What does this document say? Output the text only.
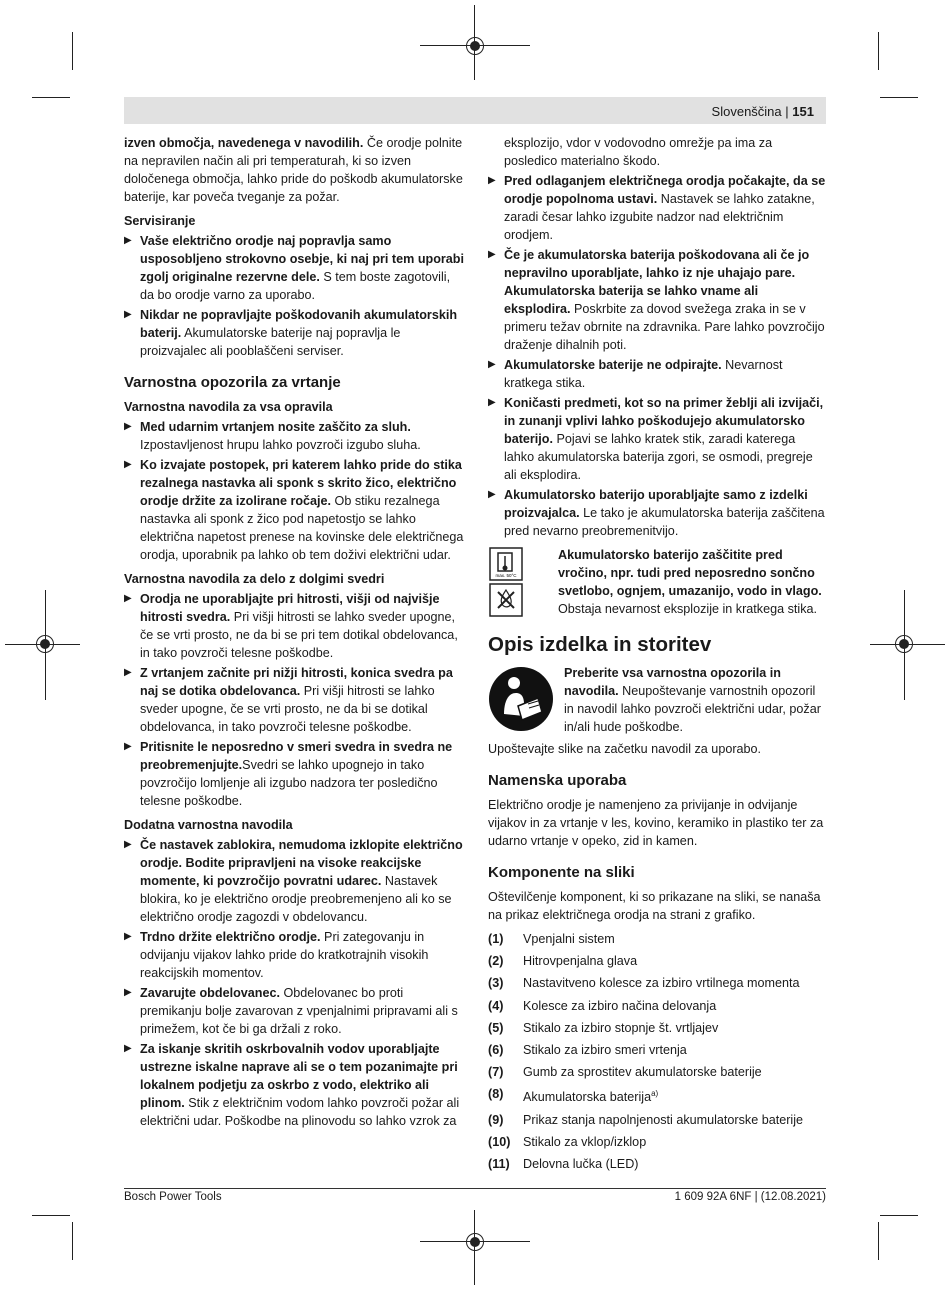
Slovenščina | 151

izven območja, navedenega v navodilih. Če orodje polnite na nepravilen način ali pri temperaturah, ki so izven določenega območja, lahko pride do poškodb akumulatorske baterije, kar poveča tveganje za požar.

Servisiranje
▶ Vaše električno orodje naj popravlja samo usposobljeno strokovno osebje, ki naj pri tem uporabi zgolj originalne rezervne dele. S tem boste zagotovili, da bo orodje varno za uporabo.
▶ Nikdar ne popravljajte poškodovanih akumulatorskih baterij. Akumulatorske baterije naj popravlja le proizvajalec ali pooblaščeni serviser.
Varnostna opozorila za vrtanje
Varnostna navodila za vsa opravila
▶ Med udarnim vrtanjem nosite zaščito za sluh. Izpostavljenost hrupu lahko povzroči izgubo sluha.
▶ Ko izvajate postopek, pri katerem lahko pride do stika rezalnega nastavka ali sponk s skrito žico, električno orodje držite za izolirane ročaje. Ob stiku rezalnega nastavka ali sponk z žico pod napetostjo se lahko električna napetost prenese na kovinske dele električnega orodja, uporabnik pa lahko ob tem doživi električni udar.
Varnostna navodila za delo z dolgimi svedri
▶ Orodja ne uporabljajte pri hitrosti, višji od najvišje hitrosti svedra. Pri višji hitrosti se lahko sveder upogne, če se vrti prosto, ne da bi se pri tem dotikal obdelovanca, in tako povzroči telesne poškodbe.
▶ Z vrtanjem začnite pri nižji hitrosti, konica svedra pa naj se dotika obdelovanca. Pri višji hitrosti se lahko sveder upogne, če se vrti prosto, ne da bi se dotikal obdelovanca, in tako povzroči telesne poškodbe.
▶ Pritisnite le neposredno v smeri svedra in svedra ne preobremenjujte.Svedri se lahko upognejo in tako povzročijo lomljenje ali izgubo nadzora ter posledično telesne poškodbe.
Dodatna varnostna navodila
▶ Če nastavek zablokira, nemudoma izklopite električno orodje. Bodite pripravljeni na visoke reakcijske momente, ki povzročijo povratni udarec. Nastavek blokira, ko je električno orodje preobremenjeno ali ko se električno orodje zagozdi v obdelovancu.
▶ Trdno držite električno orodje. Pri zategovanju in odvijanju vijakov lahko pride do kratkotrajnih visokih reakcijskih momentov.
▶ Zavarujte obdelovanec. Obdelovanec bo proti premikanju bolje zavarovan z vpenjalnimi pripravami ali s primežem, kot če bi ga držali z roko.
▶ Za iskanje skritih oskrbovalnih vodov uporabljajte ustrezne iskalne naprave ali se o tem pozanimajte pri lokalnem podjetju za oskrbo z vodo, elektriko ali plinom. Stik z električnim vodom lahko povzroči požar ali električni udar. Poškodbe na plinovodu so lahko vzrok za

eksplozijo, vdor v vodovodno omrežje pa ima za posledico materialno škodo.

▶ Pred odlaganjem električnega orodja počakajte, da se orodje popolnoma ustavi. Nastavek se lahko zatakne, zaradi česar lahko izgubite nadzor nad električnim orodjem.
▶ Če je akumulatorska baterija poškodovana ali če jo nepravilno uporabljate, lahko iz nje uhajajo pare. Akumulatorska baterija se lahko vname ali eksplodira. Poskrbite za dovod svežega zraka in se v primeru težav obrnite na zdravnika. Pare lahko povzročijo draženje dihalnih poti.
▶ Akumulatorske baterije ne odpirajte. Nevarnost kratkega stika.
▶ Koničasti predmeti, kot so na primer žeblji ali izvijači, in zunanji vplivi lahko poškodujejo akumulatorsko baterijo. Pojavi se lahko kratek stik, zaradi katerega lahko akumulatorska baterija zgori, se osmodi, pregreje ali eksplodira.
▶ Akumulatorsko baterijo uporabljajte samo z izdelki proizvajalca. Le tako je akumulatorska baterija zaščitena pred nevarno preobremenitvijo.
max. 50°C

Akumulatorsko baterijo zaščitite pred vročino, npr. tudi pred neposredno sončno svetlobo, ognjem, umazanijo, vodo in vlago. Obstaja nevarnost eksplozije in kratkega stika.

Opis izdelka in storitev

Preberite vsa varnostna opozorila in navodila. Neupoštevanje varnostnih opozoril in navodil lahko povzroči električni udar, požar in/ali hude poškodbe.

Upoštevajte slike na začetku navodil za uporabo.

Namenska uporaba

Električno orodje je namenjeno za privijanje in odvijanje vijakov in za vrtanje v les, kovino, keramiko in plastiko ter za udarno vrtanje v opeko, zid in kamen.

Komponente na sliki

Oštevilčenje komponent, ki so prikazane na sliki, se nanaša na prikaz električnega orodja na strani z grafiko.

(1)	Vpenjalni sistem
(2)	Hitrovpenjalna glava
(3)	Nastavitveno kolesce za izbiro vrtilnega momenta
(4)	Kolesce za izbiro načina delovanja
(5)	Stikalo za izbiro stopnje št. vrtljajev
(6)	Stikalo za izbiro smeri vrtenja
(7)	Gumb za sprostitev akumulatorske baterije
(8)	Akumulatorska baterija$^{a)}$
(9)	Prikaz stanja napolnjenosti akumulatorske baterije
(10) Stikalo za vklop/izklop
(11)	Delovna lučka (LED)
Bosch Power Tools	1 609 92A 6NF | (12.08.2021)
